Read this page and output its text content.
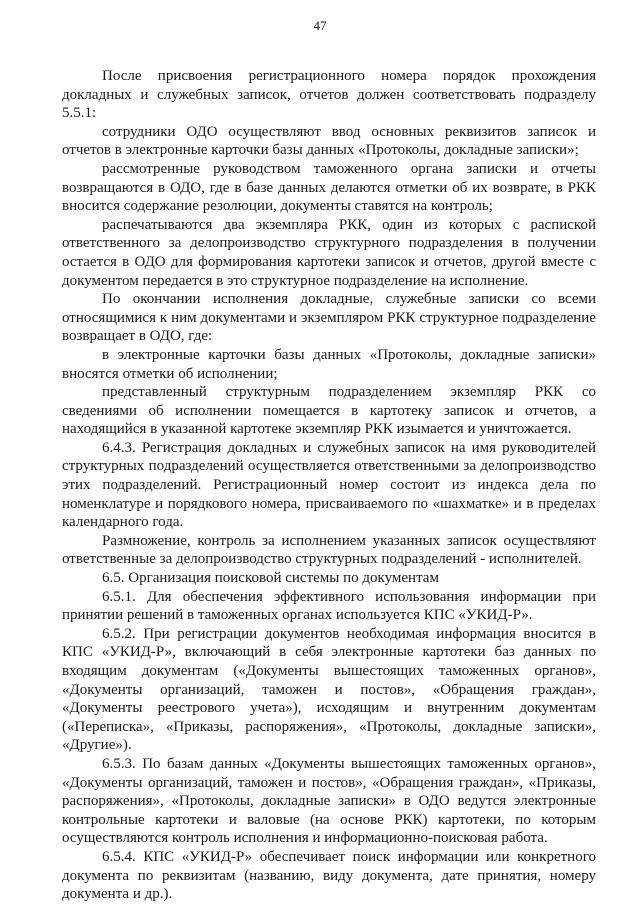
47

После присвоения регистрационного номера порядок прохождения докладных и служебных записок, отчетов должен соответствовать подразделу 5.5.1:

сотрудники ОДО осуществляют ввод основных реквизитов записок и отчетов в электронные карточки базы данных «Протоколы, докладные записки»;

рассмотренные руководством таможенного органа записки и отчеты возвращаются в ОДО, где в базе данных делаются отметки об их возврате, в РКК вносится содержание резолюции, документы ставятся на контроль;

распечатываются два экземпляра РКК, один из которых с распиской ответственного за делопроизводство структурного подразделения в получении остается в ОДО для формирования картотеки записок и отчетов, другой вместе с документом передается в это структурное подразделение на исполнение.

По окончании исполнения докладные, служебные записки со всеми относящимися к ним документами и экземпляром РКК структурное подразделение возвращает в ОДО, где:

в электронные карточки базы данных «Протоколы, докладные записки» вносятся отметки об исполнении;

представленный структурным подразделением экземпляр РКК со сведениями об исполнении помещается в картотеку записок и отчетов, а находящийся в указанной картотеке экземпляр РКК изымается и уничтожается.

6.4.3. Регистрация докладных и служебных записок на имя руководителей структурных подразделений осуществляется ответственными за делопроизводство этих подразделений. Регистрационный номер состоит из индекса дела по номенклатуре и порядкового номера, присваиваемого по «шахматке» и в пределах календарного года.

Размножение, контроль за исполнением указанных записок осуществляют ответственные за делопроизводство структурных подразделений - исполнителей.

6.5. Организация поисковой системы по документам

6.5.1. Для обеспечения эффективного использования информации при принятии решений в таможенных органах используется КПС «УКИД-Р».

6.5.2. При регистрации документов необходимая информация вносится в КПС «УКИД-Р», включающий в себя электронные картотеки баз данных по входящим документам («Документы вышестоящих таможенных органов», «Документы организаций, таможен и постов», «Обращения граждан», «Документы реестрового учета»), исходящим и внутренним документам («Переписка», «Приказы, распоряжения», «Протоколы, докладные записки», «Другие»).

6.5.3. По базам данных «Документы вышестоящих таможенных органов», «Документы организаций, таможен и постов», «Обращения граждан», «Приказы, распоряжения», «Протоколы, докладные записки» в ОДО ведутся электронные контрольные картотеки и валовые (на основе РКК) картотеки, по которым осуществляются контроль исполнения и информационно-поисковая работа.

6.5.4. КПС «УКИД-Р» обеспечивает поиск информации или конкретного документа по реквизитам (названию, виду документа, дате принятия, номеру документа и др.).
